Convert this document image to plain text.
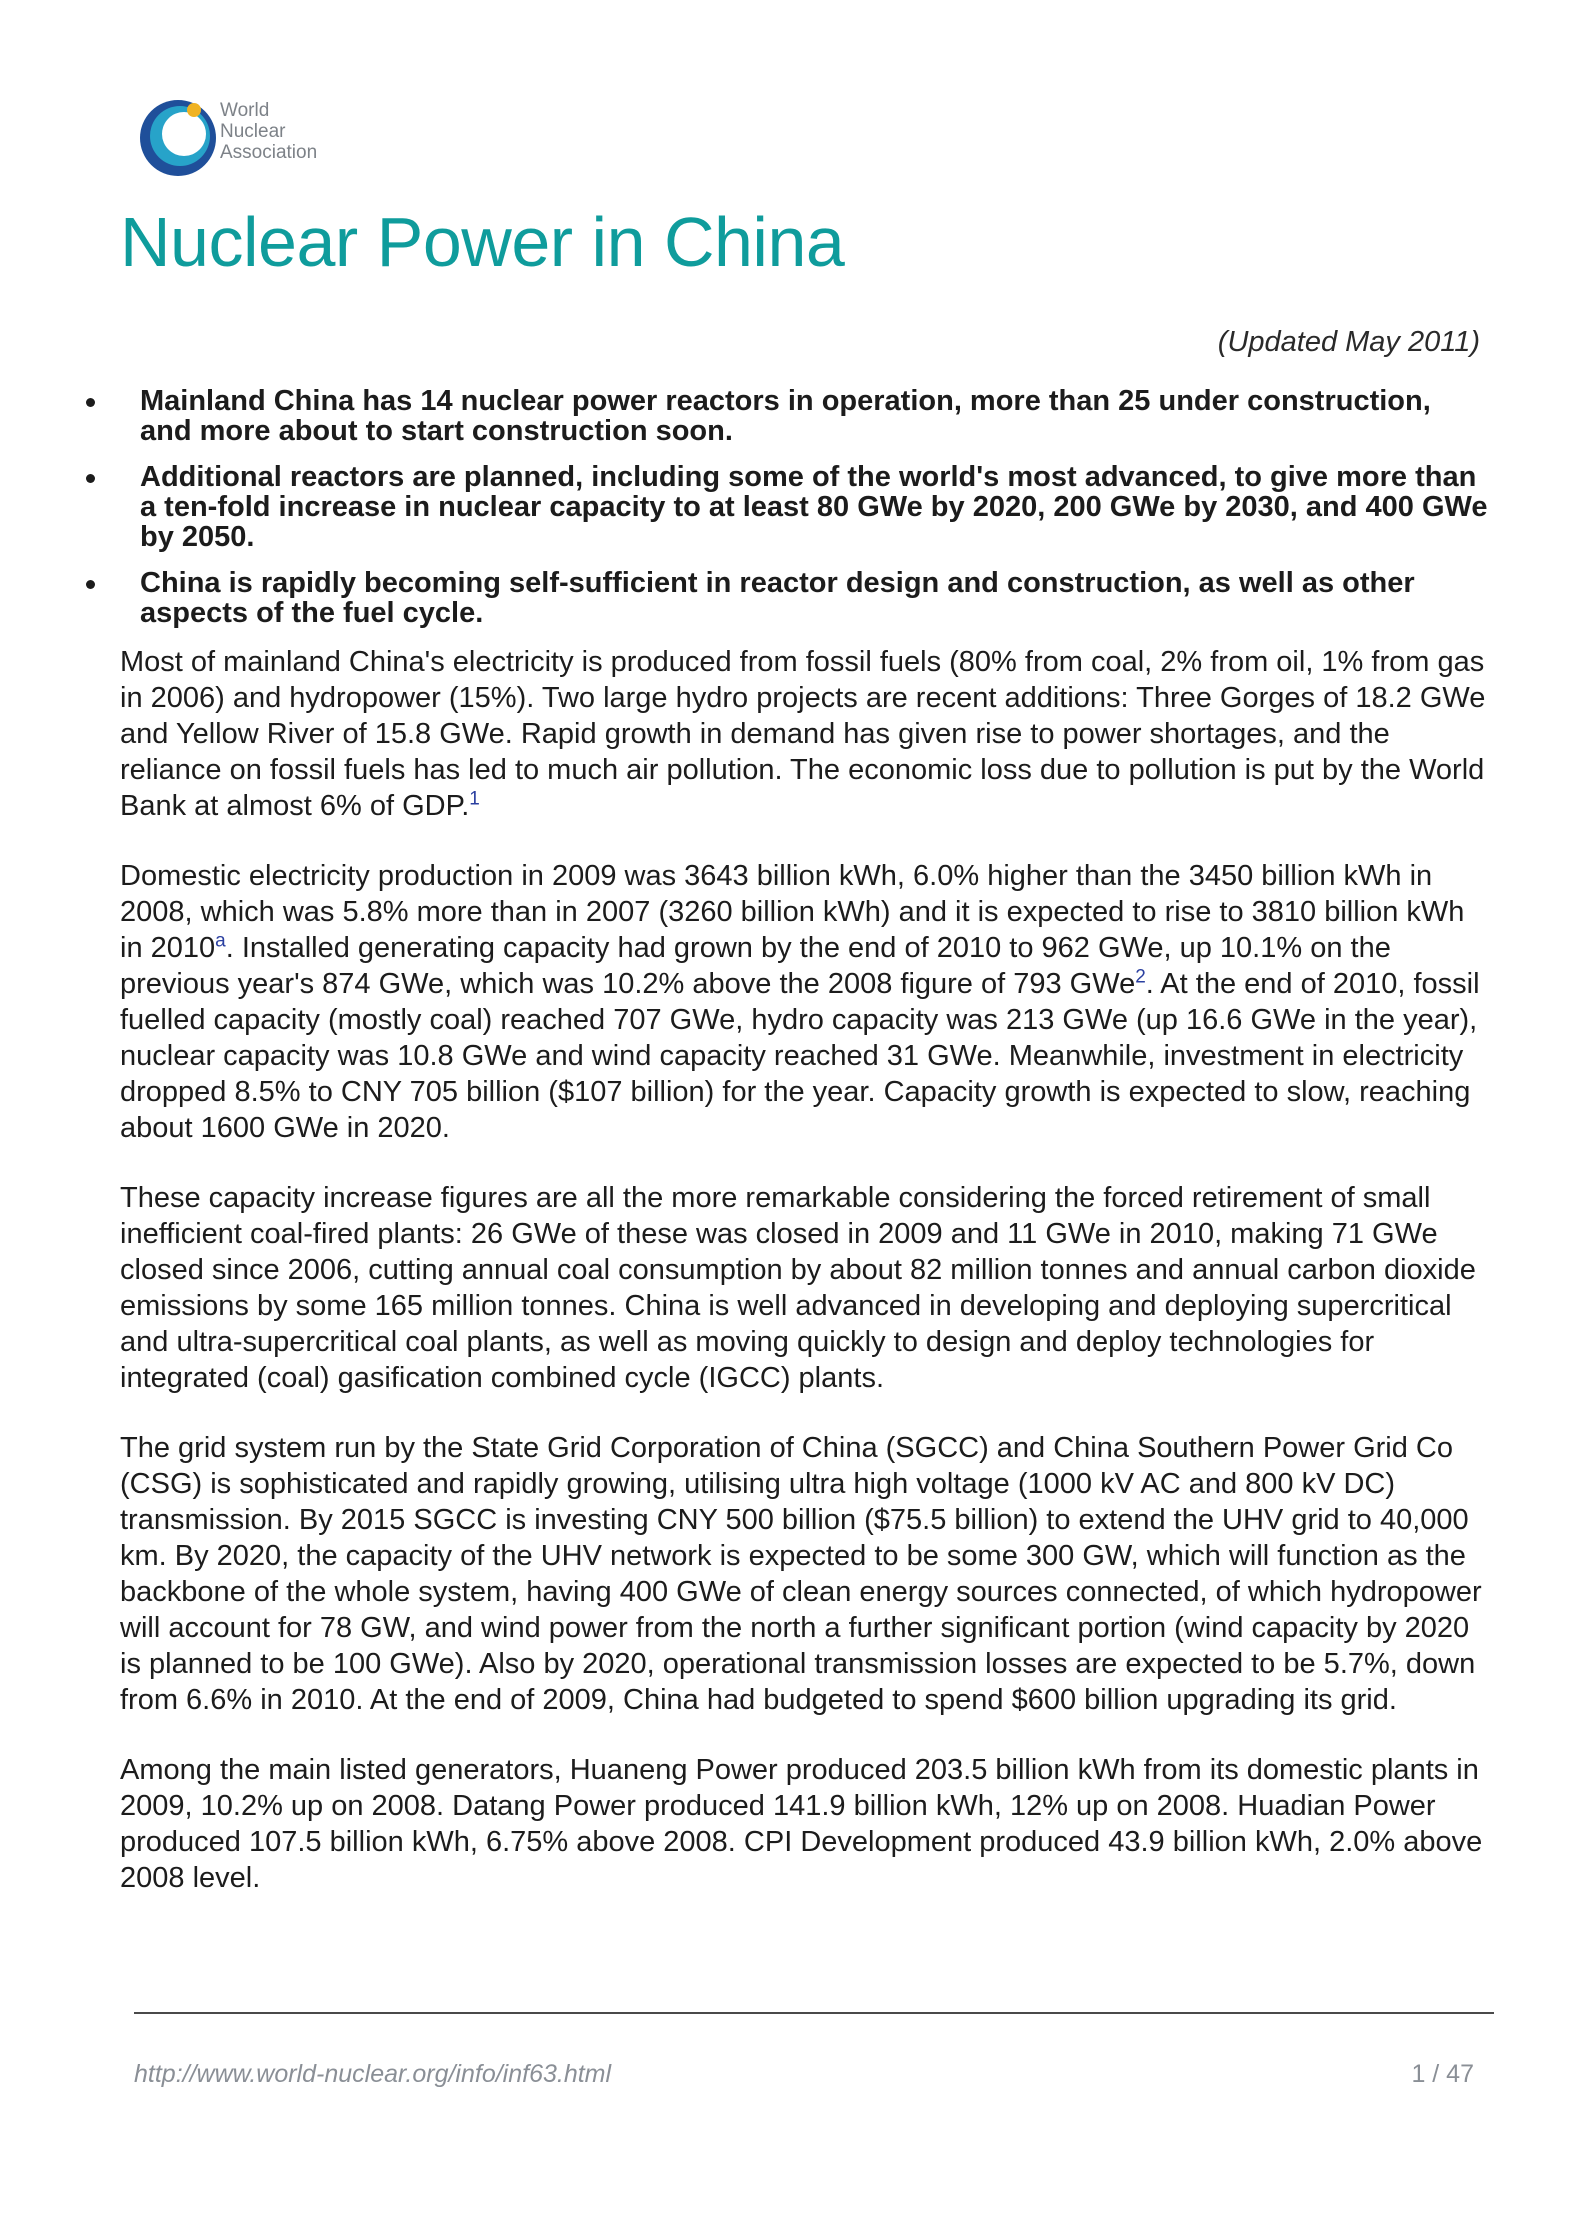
World
Nuclear
Association
Nuclear Power in China
(Updated May 2011)
Mainland China has 14 nuclear power reactors in operation, more than 25 under construction, and more about to start construction soon.
Additional reactors are planned, including some of the world's most advanced, to give more than a ten-fold increase in nuclear capacity to at least 80 GWe by 2020, 200 GWe by 2030, and 400 GWe by 2050.
China is rapidly becoming self-sufficient in reactor design and construction, as well as other aspects of the fuel cycle.

Most of mainland China's electricity is produced from fossil fuels (80% from coal, 2% from oil, 1% from gas in 2006) and hydropower (15%). Two large hydro projects are recent additions: Three Gorges of 18.2 GWe and Yellow River of 15.8 GWe. Rapid growth in demand has given rise to power shortages, and the reliance on fossil fuels has led to much air pollution. The economic loss due to pollution is put by the World Bank at almost 6% of GDP.$^1$

Domestic electricity production in 2009 was 3643 billion kWh, 6.0% higher than the 3450 billion kWh in 2008, which was 5.8% more than in 2007 (3260 billion kWh) and it is expected to rise to 3810 billion kWh in 2010$^a$. Installed generating capacity had grown by the end of 2010 to 962 GWe, up 10.1% on the previous year's 874 GWe, which was 10.2% above the 2008 figure of 793 GWe$^2$. At the end of 2010, fossil fuelled capacity (mostly coal) reached 707 GWe, hydro capacity was 213 GWe (up 16.6 GWe in the year), nuclear capacity was 10.8 GWe and wind capacity reached 31 GWe. Meanwhile, investment in electricity dropped 8.5% to CNY 705 billion ($107 billion) for the year. Capacity growth is expected to slow, reaching about 1600 GWe in 2020.

These capacity increase figures are all the more remarkable considering the forced retirement of small inefficient coal-fired plants: 26 GWe of these was closed in 2009 and 11 GWe in 2010, making 71 GWe closed since 2006, cutting annual coal consumption by about 82 million tonnes and annual carbon dioxide emissions by some 165 million tonnes. China is well advanced in developing and deploying supercritical and ultra-supercritical coal plants, as well as moving quickly to design and deploy technologies for integrated (coal) gasification combined cycle (IGCC) plants.

The grid system run by the State Grid Corporation of China (SGCC) and China Southern Power Grid Co (CSG) is sophisticated and rapidly growing, utilising ultra high voltage (1000 kV AC and 800 kV DC) transmission. By 2015 SGCC is investing CNY 500 billion ($75.5 billion) to extend the UHV grid to 40,000 km. By 2020, the capacity of the UHV network is expected to be some 300 GW, which will function as the backbone of the whole system, having 400 GWe of clean energy sources connected, of which hydropower will account for 78 GW, and wind power from the north a further significant portion (wind capacity by 2020 is planned to be 100 GWe). Also by 2020, operational transmission losses are expected to be 5.7%, down from 6.6% in 2010. At the end of 2009, China had budgeted to spend $600 billion upgrading its grid.

Among the main listed generators, Huaneng Power produced 203.5 billion kWh from its domestic plants in 2009, 10.2% up on 2008. Datang Power produced 141.9 billion kWh, 12% up on 2008. Huadian Power produced 107.5 billion kWh, 6.75% above 2008. CPI Development produced 43.9 billion kWh, 2.0% above 2008 level.

http://www.world-nuclear.org/info/inf63.html	1 / 47
